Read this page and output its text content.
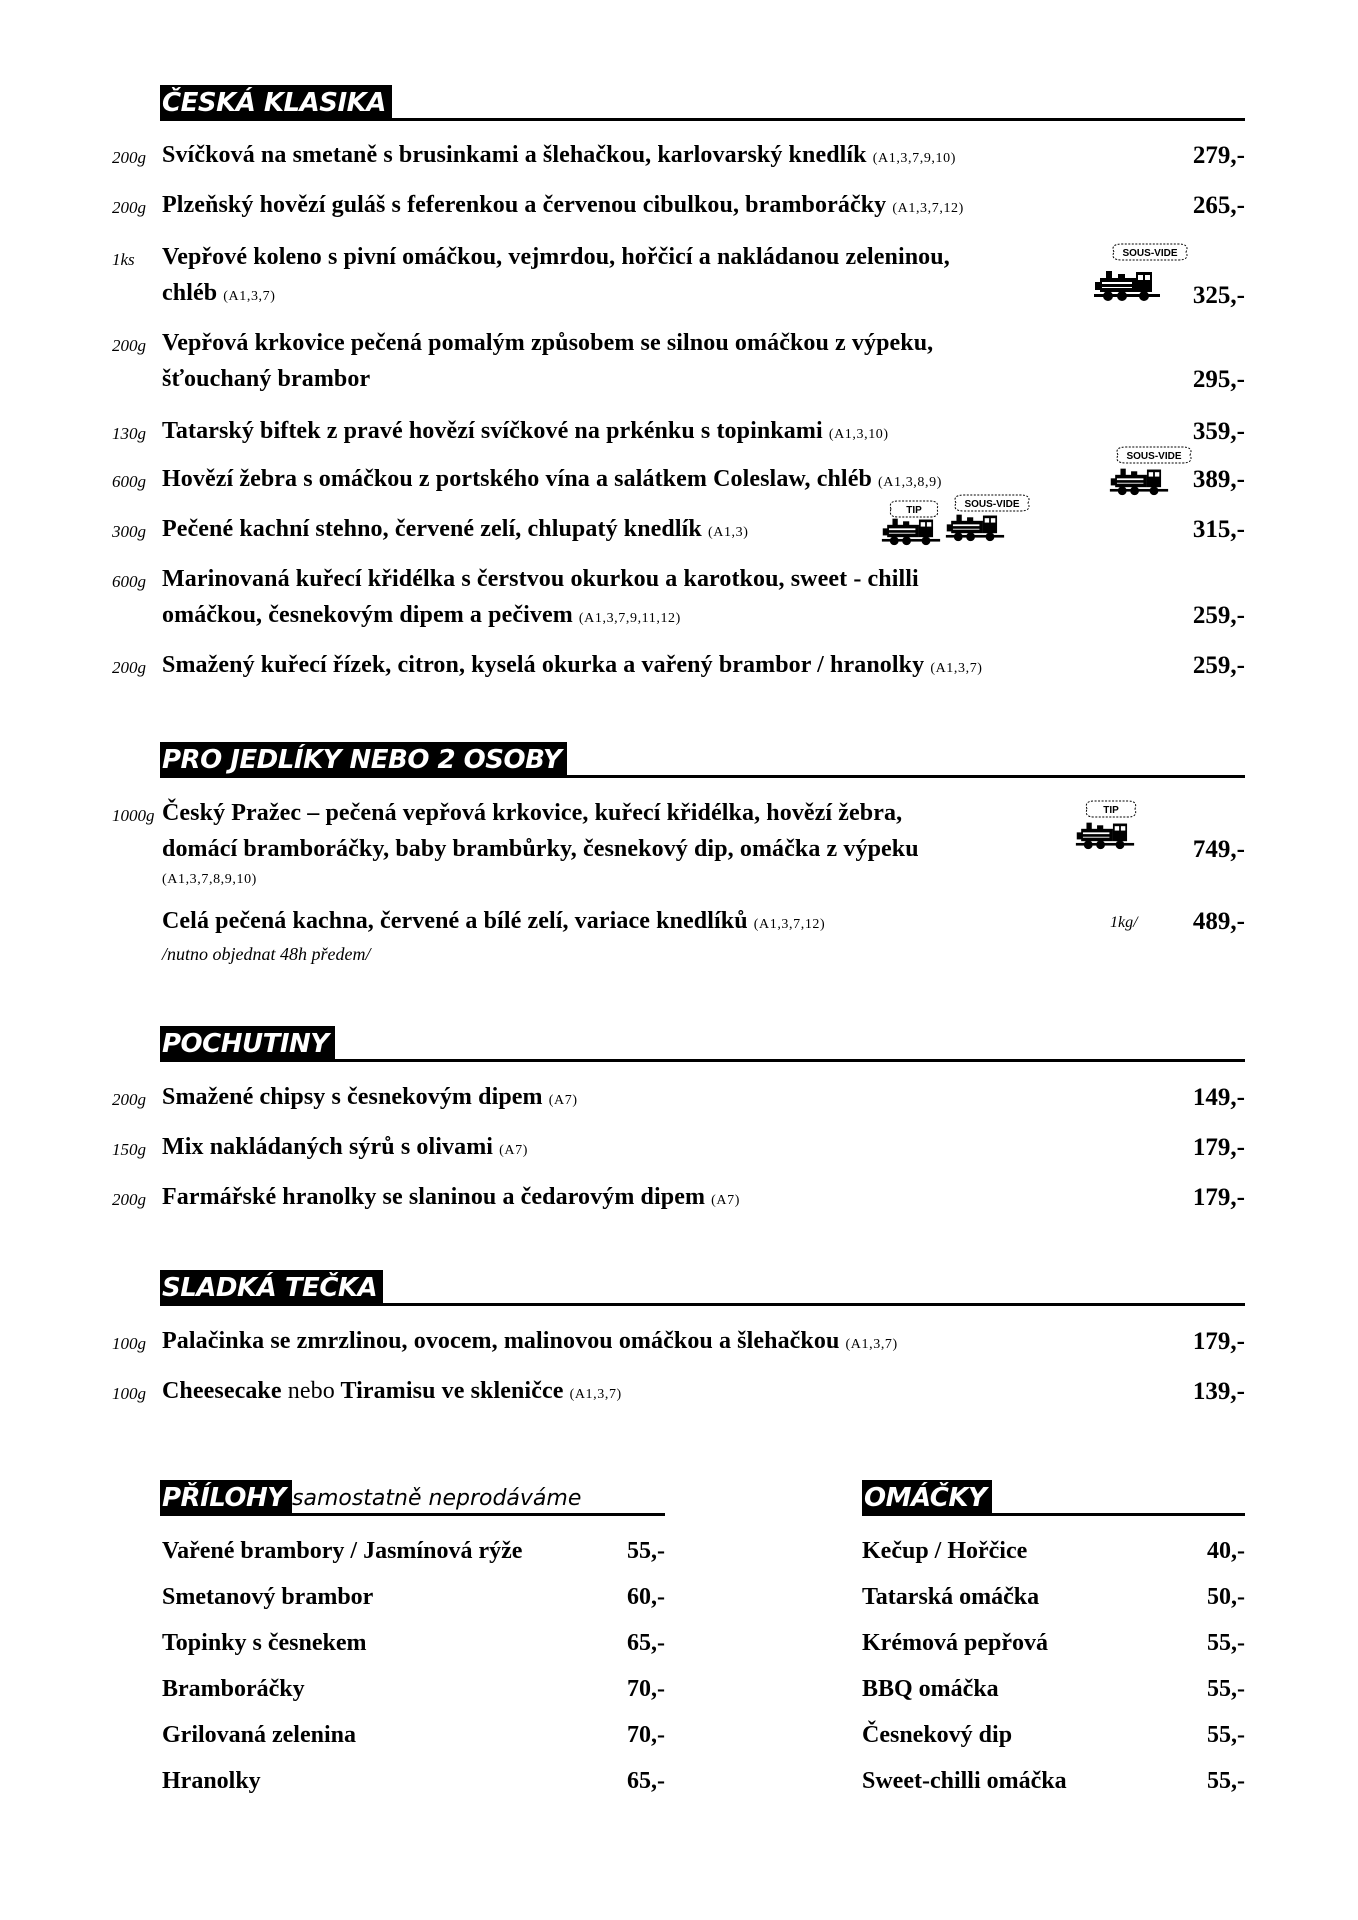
ČESKÁ KLASIKA
200g Svíčková na smetaně s brusinkami a šlehačkou, karlovarský knedlík (A1,3,7,9,10)	279,-
200g Plzeňský hovězí guláš s feferenkou a červenou cibulkou, bramboráčky (A1,3,7,12)	265,-
1ks Vepřové koleno s pivní omáčkou, vejmrdou, hořčicí a nakládanou zeleninou,
chléb (A1,3,7)	325,-
SOUS-VIDE
200g Vepřová krkovice pečená pomalým způsobem se silnou omáčkou z výpeku,
šťouchaný brambor	295,-
130g Tatarský biftek z pravé hovězí svíčkové na prkénku s topinkami (A1,3,10)	359,-
SOUS-VIDE
600g Hovězí žebra s omáčkou z portského vína a salátkem Coleslaw, chléb (A1,3,8,9)	389,-
TIP
SOUS-VIDE
300g Pečené kachní stehno, červené zelí, chlupatý knedlík (A1,3)	315,-
600g Marinovaná kuřecí křidélka s čerstvou okurkou a karotkou, sweet - chilli
omáčkou, česnekovým dipem a pečivem (A1,3,7,9,11,12)	259,-
200g Smažený kuřecí řízek, citron, kyselá okurka a vařený brambor / hranolky (A1,3,7)	259,-
PRO JEDLÍKY NEBO 2 OSOBY
1000g Český Pražec – pečená vepřová krkovice, kuřecí křidélka, hovězí žebra,
domácí bramboráčky, baby brambůrky, česnekový dip, omáčka z výpeku
(A1,3,7,8,9,10)
749,-
TIP
Celá pečená kachna, červené a bílé zelí, variace knedlíků (A1,3,7,12)	1kg/	489,-
/nutno objednat 48h předem/
POCHUTINY
200g Smažené chipsy s česnekovým dipem (A7)	149,-
150g Mix nakládaných sýrů s olivami (A7)	179,-
200g Farmářské hranolky se slaninou a čedarovým dipem (A7)	179,-
SLADKÁ TEČKA
100g Palačinka se zmrzlinou, ovocem, malinovou omáčkou a šlehačkou (A1,3,7)	179,-
100g Cheesecake nebo Tiramisu ve skleničce (A1,3,7)	139,-
PŘÍLOHY samostatně neprodáváme
Vařené brambory / Jasmínová rýže	55,-
Smetanový brambor	60,-
Topinky s česnekem	65,-
Bramboráčky	70,-
Grilovaná zelenina	70,-
Hranolky	65,-
OMÁČKY
Kečup / Hořčice	40,-
Tatarská omáčka	50,-
Krémová pepřová	55,-
BBQ omáčka	55,-
Česnekový dip	55,-
Sweet-chilli omáčka	55,-
